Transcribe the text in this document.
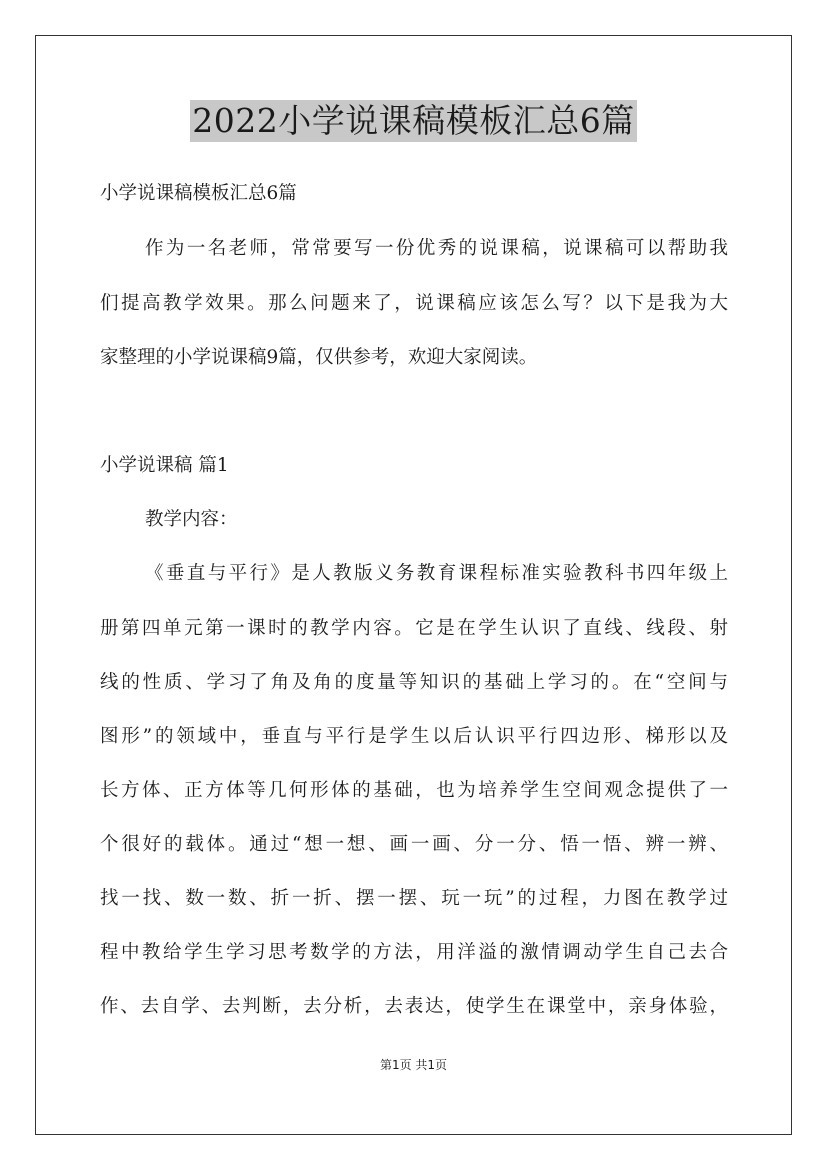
2022小学说课稿模板汇总6篇
小学说课稿模板汇总6篇
作为一名老师，常常要写一份优秀的说课稿，说课稿可以帮助我
们提高教学效果。那么问题来了，说课稿应该怎么写？以下是我为大
家整理的小学说课稿9篇，仅供参考，欢迎大家阅读。
小学说课稿 篇1
教学内容：
《垂直与平行》是人教版义务教育课程标准实验教科书四年级上
册第四单元第一课时的教学内容。它是在学生认识了直线、线段、射
线的性质、学习了角及角的度量等知识的基础上学习的。在“空间与
图形”的领域中，垂直与平行是学生以后认识平行四边形、梯形以及
长方体、正方体等几何形体的基础，也为培养学生空间观念提供了一
个很好的载体。通过“想一想、画一画、分一分、悟一悟、辨一辨、
找一找、数一数、折一折、摆一摆、玩一玩”的过程，力图在教学过
程中教给学生学习思考数学的方法，用洋溢的激情调动学生自己去合
作、去自学、去判断，去分析，去表达，使学生在课堂中，亲身体验，
第1页 共1页
